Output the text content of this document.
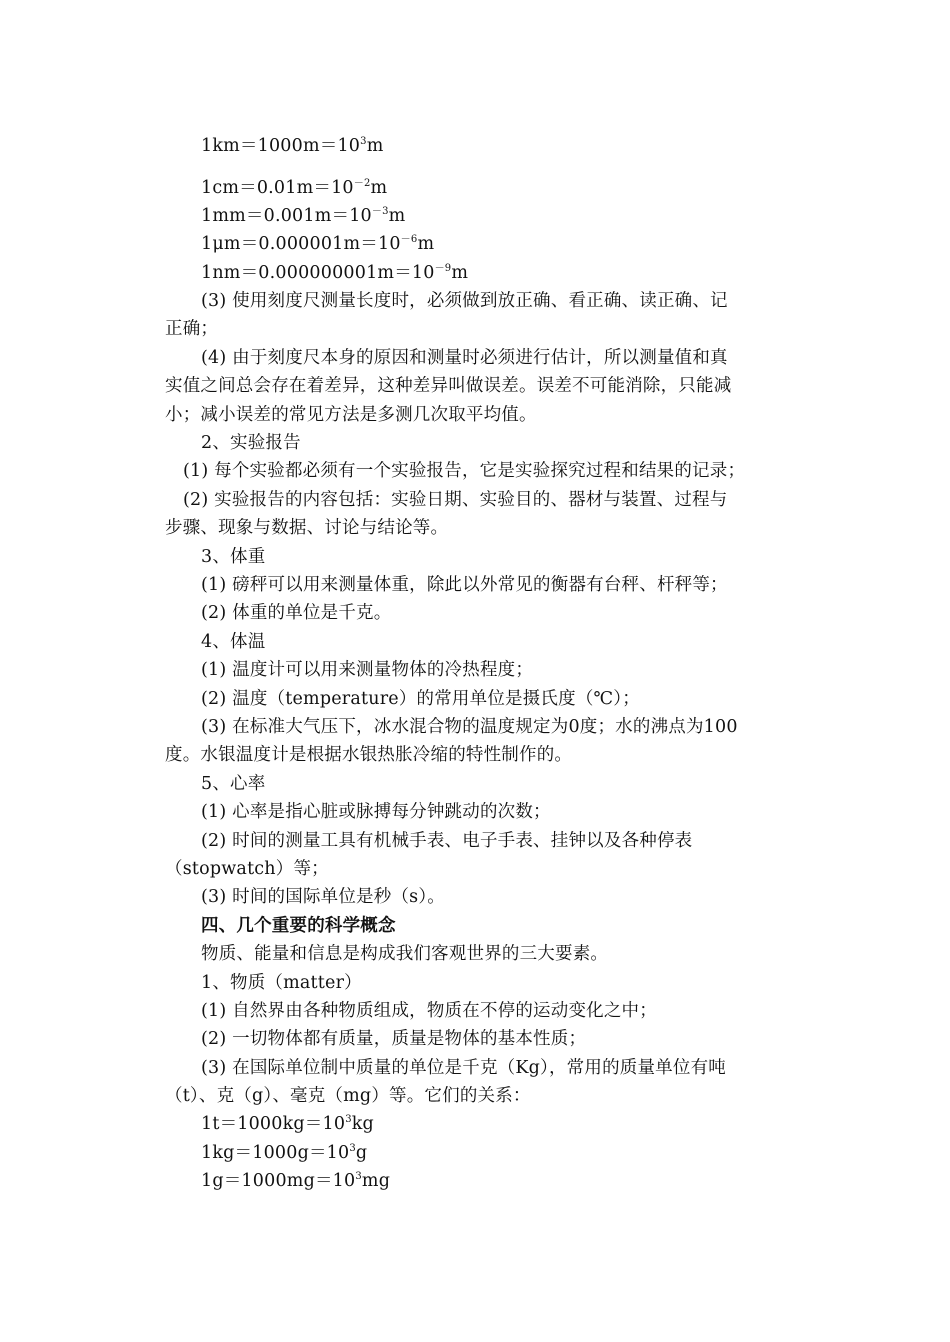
$1km=1000m=10^3m$
$1cm=0.01m=10^{-2}m$
$1mm=0.001m=10^{-3}m$
$1\mu m=0.000001m=10^{-6}m$
$1nm=0.000000001m=10^{-9}m$
(3) 使用刻度尺测量长度时，必须做到放正确、看正确、读正确、记
正确；
(4) 由于刻度尺本身的原因和测量时必须进行估计，所以测量值和真
实值之间总会存在着差异，这种差异叫做误差。误差不可能消除，只能减
小；减小误差的常见方法是多测几次取平均值。
2、实验报告
(1) 每个实验都必须有一个实验报告，它是实验探究过程和结果的记录；
(2) 实验报告的内容包括：实验日期、实验目的、器材与装置、过程与
步骤、现象与数据、讨论与结论等。
3、体重
(1) 磅秤可以用来测量体重，除此以外常见的衡器有台秤、杆秤等；
(2) 体重的单位是千克。
4、体温
(1) 温度计可以用来测量物体的冷热程度；
(2) 温度（temperature）的常用单位是摄氏度（℃）；
(3) 在标准大气压下，冰水混合物的温度规定为0度；水的沸点为100
度。水银温度计是根据水银热胀冷缩的特性制作的。
5、心率
(1) 心率是指心脏或脉搏每分钟跳动的次数；
(2) 时间的测量工具有机械手表、电子手表、挂钟以及各种停表
（stopwatch）等；
(3) 时间的国际单位是秒（s）。
四、几个重要的科学概念
物质、能量和信息是构成我们客观世界的三大要素。
1、物质（matter）
(1) 自然界由各种物质组成，物质在不停的运动变化之中；
(2) 一切物体都有质量，质量是物体的基本性质；
(3) 在国际单位制中质量的单位是千克（Kg），常用的质量单位有吨
（t）、克（g）、毫克（mg）等。它们的关系：
$1t=1000kg=10^3kg$
$1kg=1000g=10^3g$
$1g=1000mg=10^3mg$
